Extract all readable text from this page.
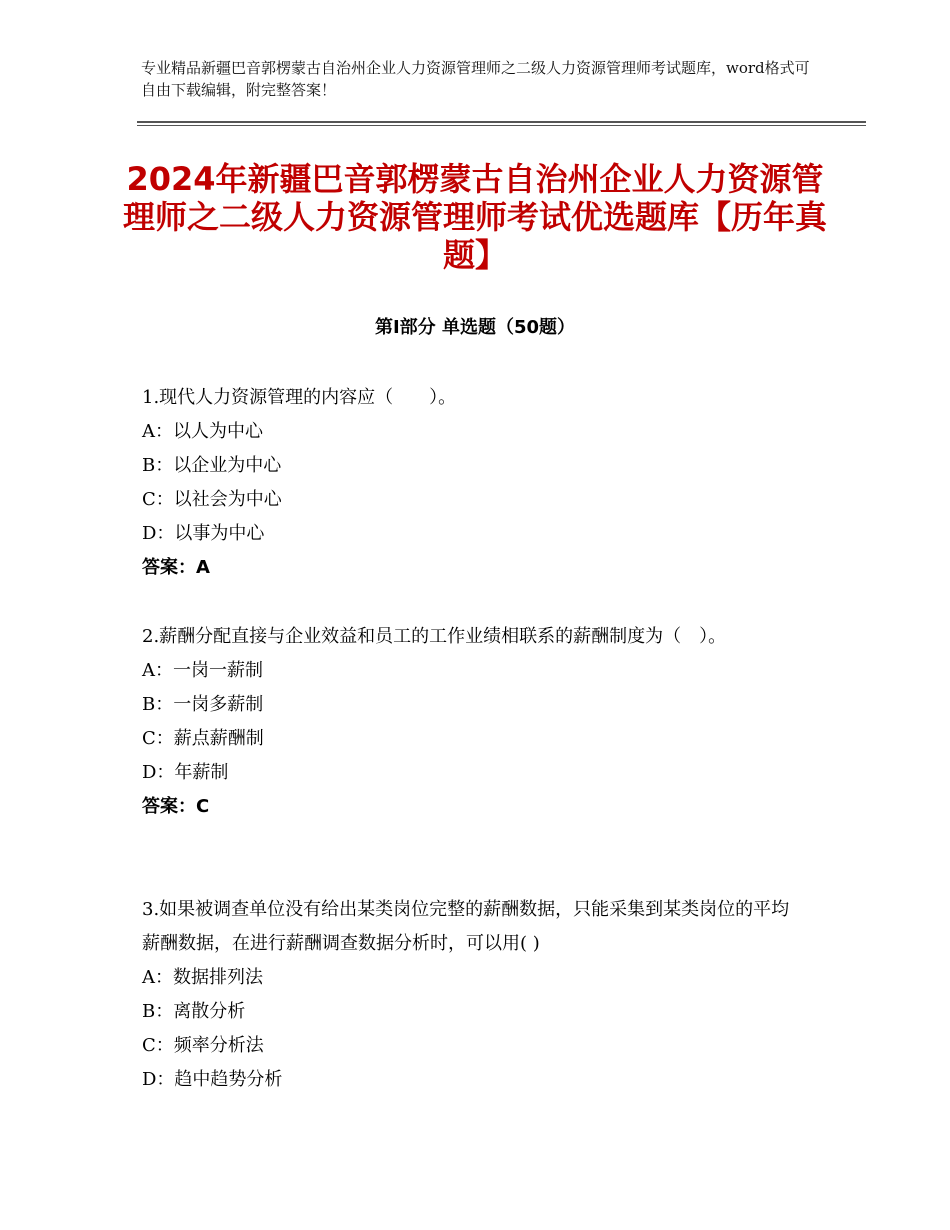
专业精品新疆巴音郭楞蒙古自治州企业人力资源管理师之二级人力资源管理师考试题库，word格式可自由下载编辑，附完整答案！
2024年新疆巴音郭楞蒙古自治州企业人力资源管理师之二级人力资源管理师考试优选题库【历年真题】
第Ⅰ部分 单选题（50题）
1.现代人力资源管理的内容应（　　）。
A：以人为中心
B：以企业为中心
C：以社会为中心
D：以事为中心
答案：A
2.薪酬分配直接与企业效益和员工的工作业绩相联系的薪酬制度为（　）。
A：一岗一薪制
B：一岗多薪制
C：薪点薪酬制
D：年薪制
答案：C
3.如果被调查单位没有给出某类岗位完整的薪酬数据，只能采集到某类岗位的平均薪酬数据，在进行薪酬调查数据分析时，可以用( )
A：数据排列法
B：离散分析
C：频率分析法
D：趋中趋势分析
